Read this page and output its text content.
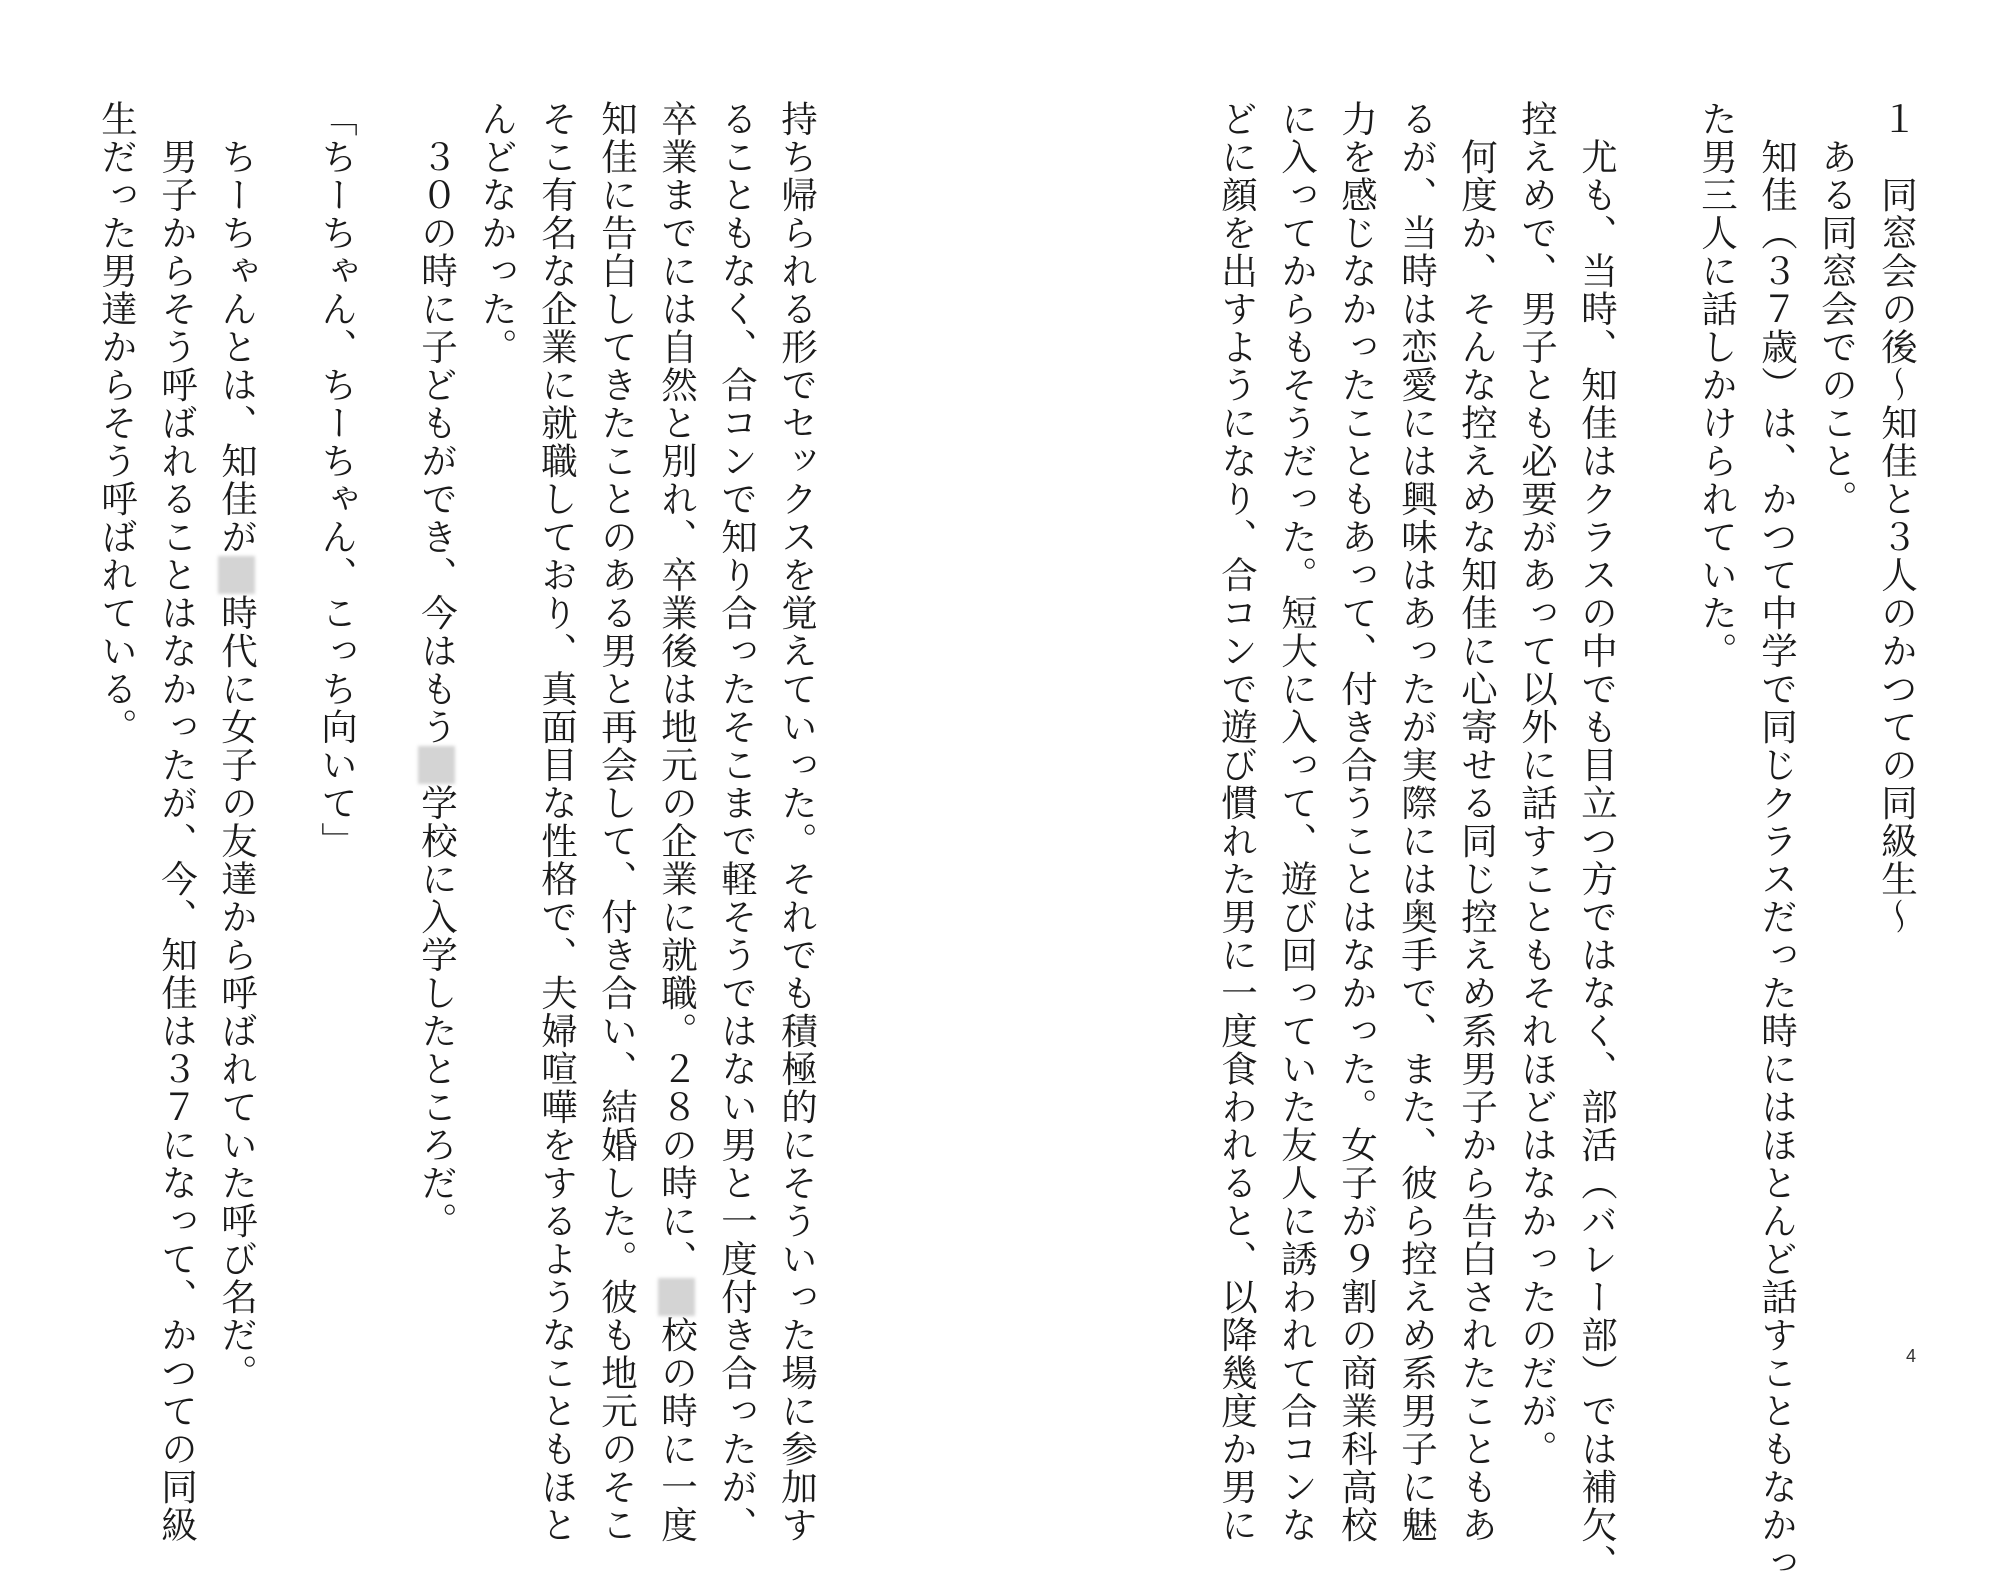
１　同窓会の後～知佳と３人のかつての同級生～
　ある同窓会でのこと。
　知佳（３７歳）は、かつて中学で同じクラスだった時にはほとんど話すこともなかっ
た男三人に話しかけられていた。
　尤も、当時、知佳はクラスの中でも目立つ方ではなく、部活（バレー部）では補欠、
控えめで、男子とも必要があって以外に話すこともそれほどはなかったのだが。
　何度か、そんな控えめな知佳に心寄せる同じ控えめ系男子から告白されたこともあ
るが、当時は恋愛には興味はあったが実際には奥手で、また、彼ら控えめ系男子に魅
力を感じなかったこともあって、付き合うことはなかった。女子が９割の商業科高校
に入ってからもそうだった。短大に入って、遊び回っていた友人に誘われて合コンな
どに顔を出すようになり、合コンで遊び慣れた男に一度食われると、以降幾度か男に
持ち帰られる形でセックスを覚えていった。それでも積極的にそういった場に参加す
ることもなく、合コンで知り合ったそこまで軽そうではない男と一度付き合ったが、
卒業までには自然と別れ、卒業後は地元の企業に就職。２８の時に、　校の時に一度
知佳に告白してきたことのある男と再会して、付き合い、結婚した。彼も地元のそこ
そこ有名な企業に就職しており、真面目な性格で、夫婦喧嘩をするようなこともほと
んどなかった。
　３０の時に子どもができ、今はもう　学校に入学したところだ。
「ちーちゃん、ちーちゃん、こっち向いて」
　ちーちゃんとは、知佳が　時代に女子の友達から呼ばれていた呼び名だ。
　男子からそう呼ばれることはなかったが、今、知佳は３７になって、かつての同級
生だった男達からそう呼ばれている。
4
